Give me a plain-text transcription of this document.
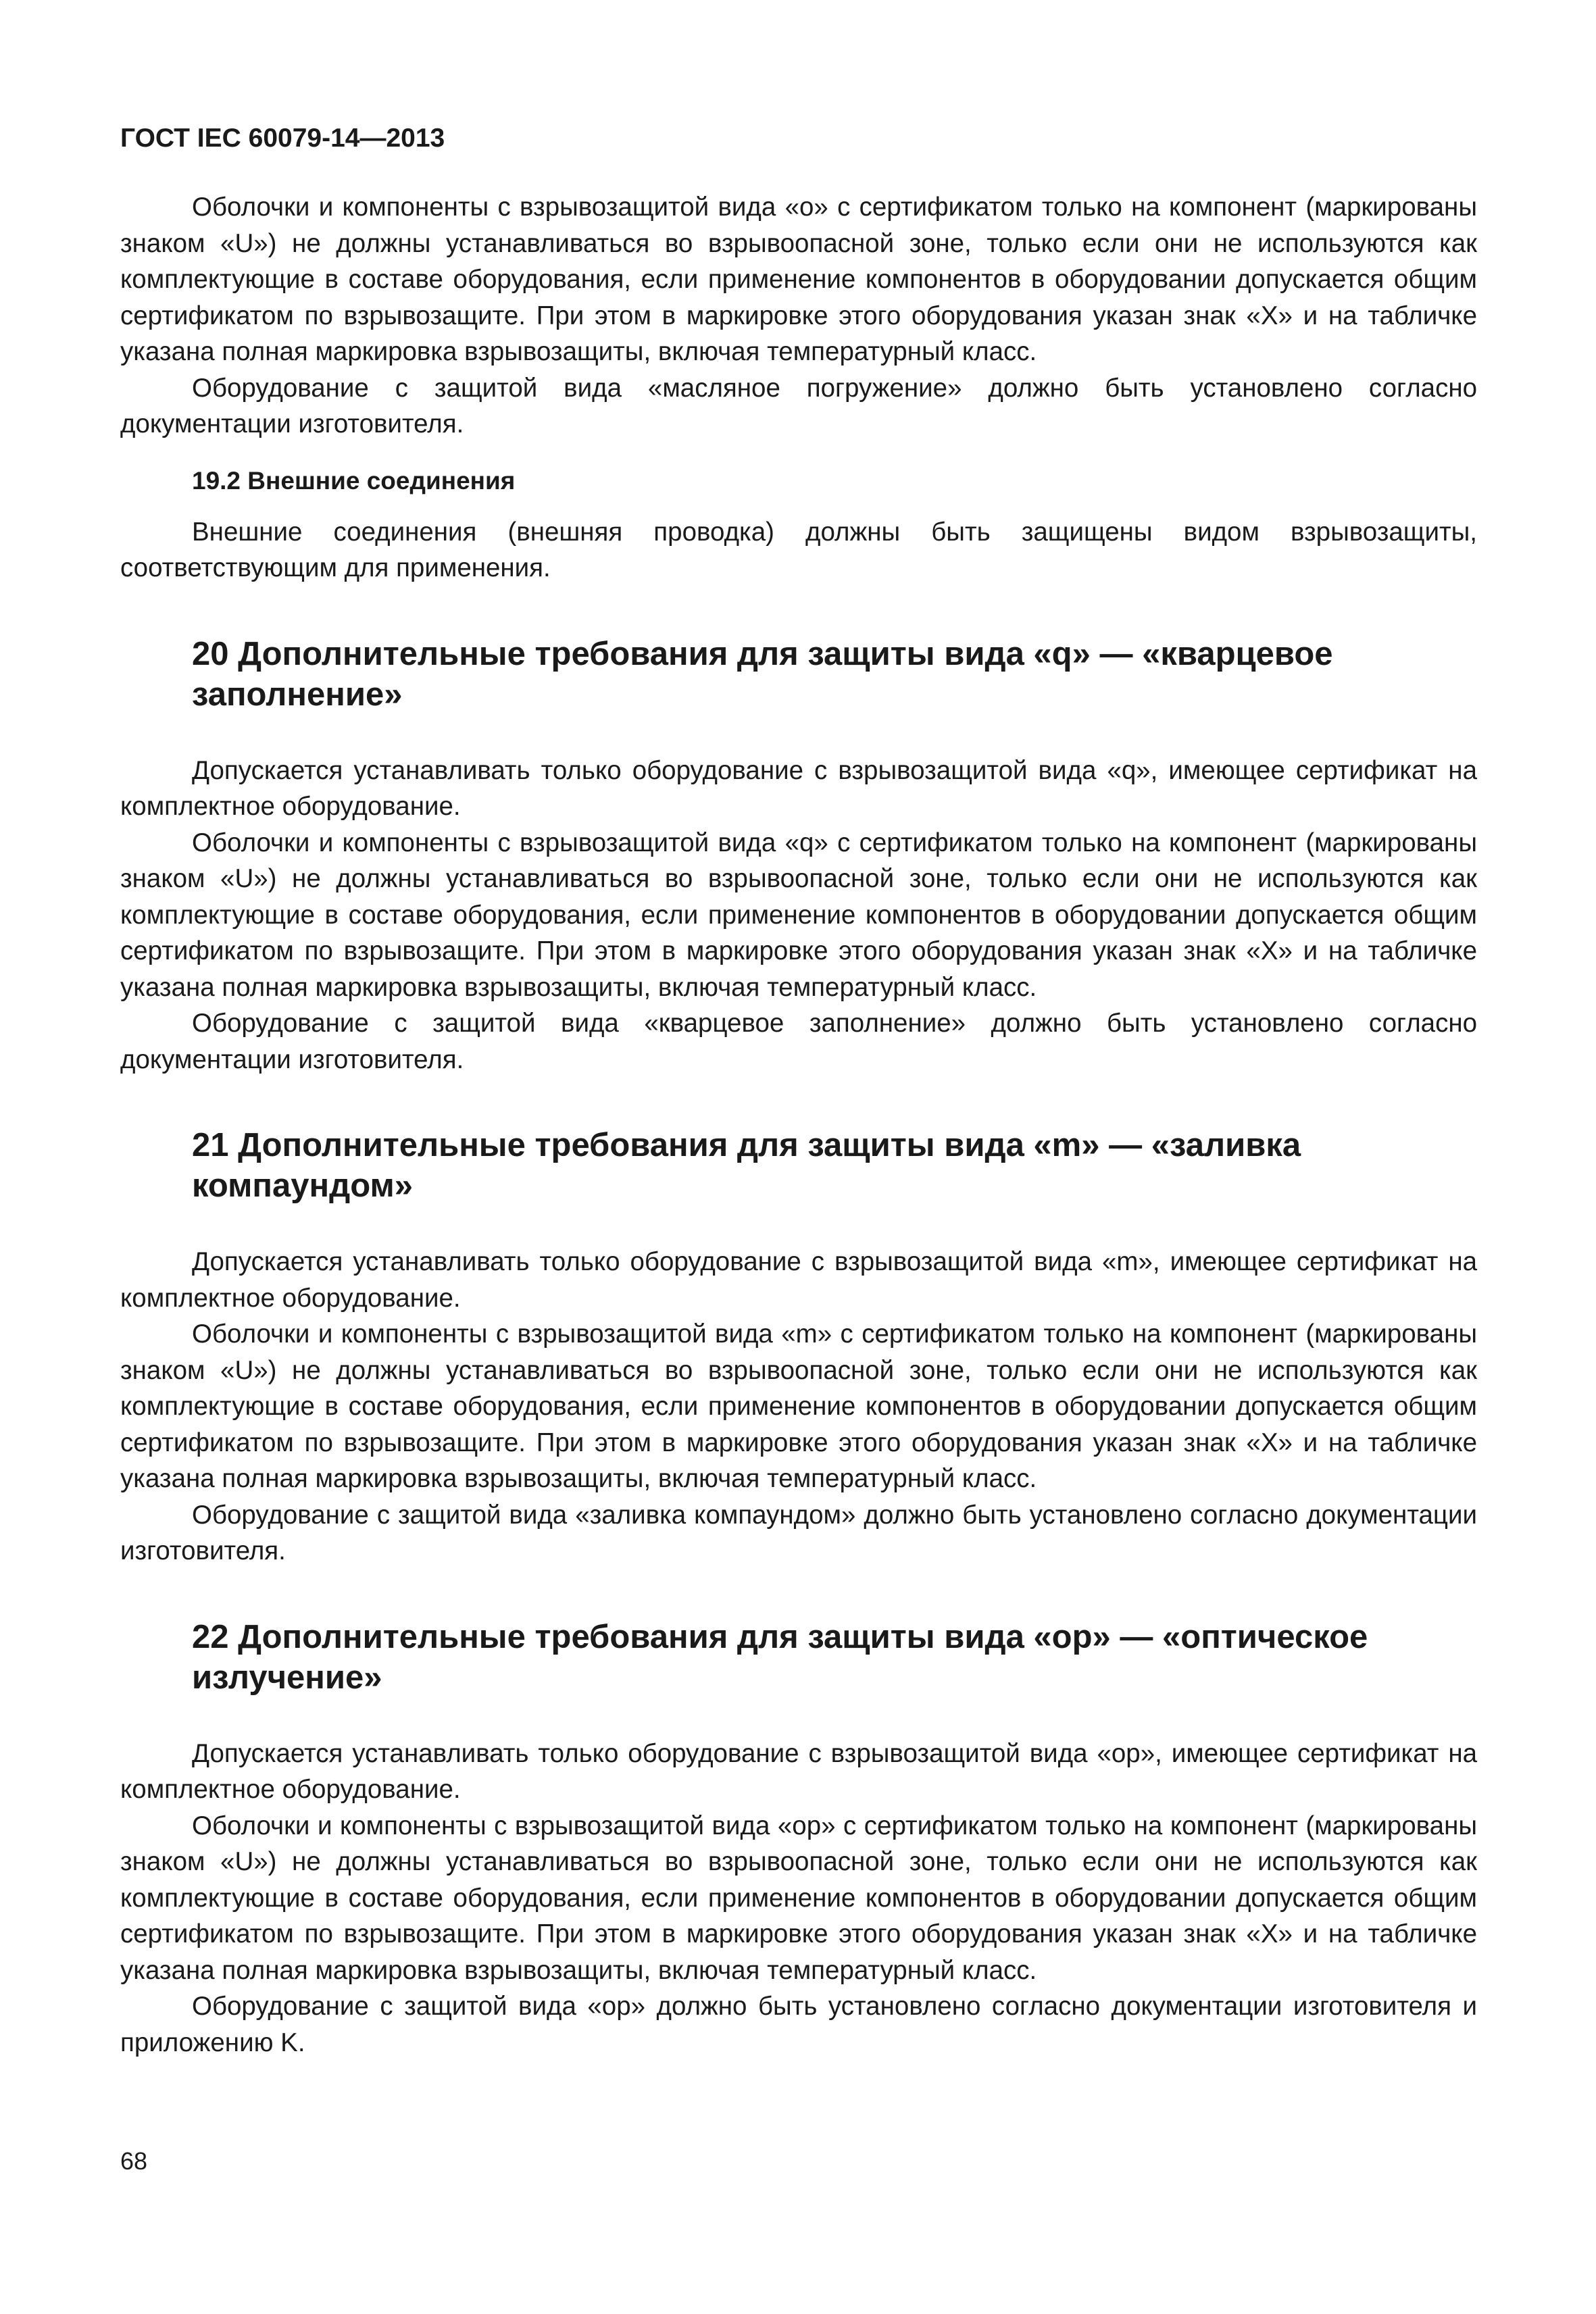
ГОСТ IEC 60079-14—2013

Оболочки и компоненты с взрывозащитой вида «о» с сертификатом только на компонент (маркированы знаком «U») не должны устанавливаться во взрывоопасной зоне, только если они не используются как комплектующие в составе оборудования, если применение компонентов в оборудовании допускается общим сертификатом по взрывозащите. При этом в маркировке этого оборудования указан знак «X» и на табличке указана полная маркировка взрывозащиты, включая температурный класс.

Оборудование с защитой вида «масляное погружение» должно быть установлено согласно документации изготовителя.

19.2 Внешние соединения

Внешние соединения (внешняя проводка) должны быть защищены видом взрывозащиты, соответствующим для применения.

20 Дополнительные требования для защиты вида «q» — «кварцевое заполнение»

Допускается устанавливать только оборудование с взрывозащитой вида «q», имеющее сертификат на комплектное оборудование.

Оболочки и компоненты с взрывозащитой вида «q» с сертификатом только на компонент (маркированы знаком «U») не должны устанавливаться во взрывоопасной зоне, только если они не используются как комплектующие в составе оборудования, если применение компонентов в оборудовании допускается общим сертификатом по взрывозащите. При этом в маркировке этого оборудования указан знак «X» и на табличке указана полная маркировка взрывозащиты, включая температурный класс.

Оборудование с защитой вида «кварцевое заполнение» должно быть установлено согласно документации изготовителя.

21 Дополнительные требования для защиты вида «m» — «заливка компаундом»

Допускается устанавливать только оборудование с взрывозащитой вида «m», имеющее сертификат на комплектное оборудование.

Оболочки и компоненты с взрывозащитой вида «m» с сертификатом только на компонент (маркированы знаком «U») не должны устанавливаться во взрывоопасной зоне, только если они не используются как комплектующие в составе оборудования, если применение компонентов в оборудовании допускается общим сертификатом по взрывозащите. При этом в маркировке этого оборудования указан знак «X» и на табличке указана полная маркировка взрывозащиты, включая температурный класс.

Оборудование с защитой вида «заливка компаундом» должно быть установлено согласно документации изготовителя.

22 Дополнительные требования для защиты вида «op» — «оптическое излучение»

Допускается устанавливать только оборудование с взрывозащитой вида «op», имеющее сертификат на комплектное оборудование.

Оболочки и компоненты с взрывозащитой вида «op» с сертификатом только на компонент (маркированы знаком «U») не должны устанавливаться во взрывоопасной зоне, только если они не используются как комплектующие в составе оборудования, если применение компонентов в оборудовании допускается общим сертификатом по взрывозащите. При этом в маркировке этого оборудования указан знак «X» и на табличке указана полная маркировка взрывозащиты, включая температурный класс.

Оборудование с защитой вида «op» должно быть установлено согласно документации изготовителя и приложению K.

68
